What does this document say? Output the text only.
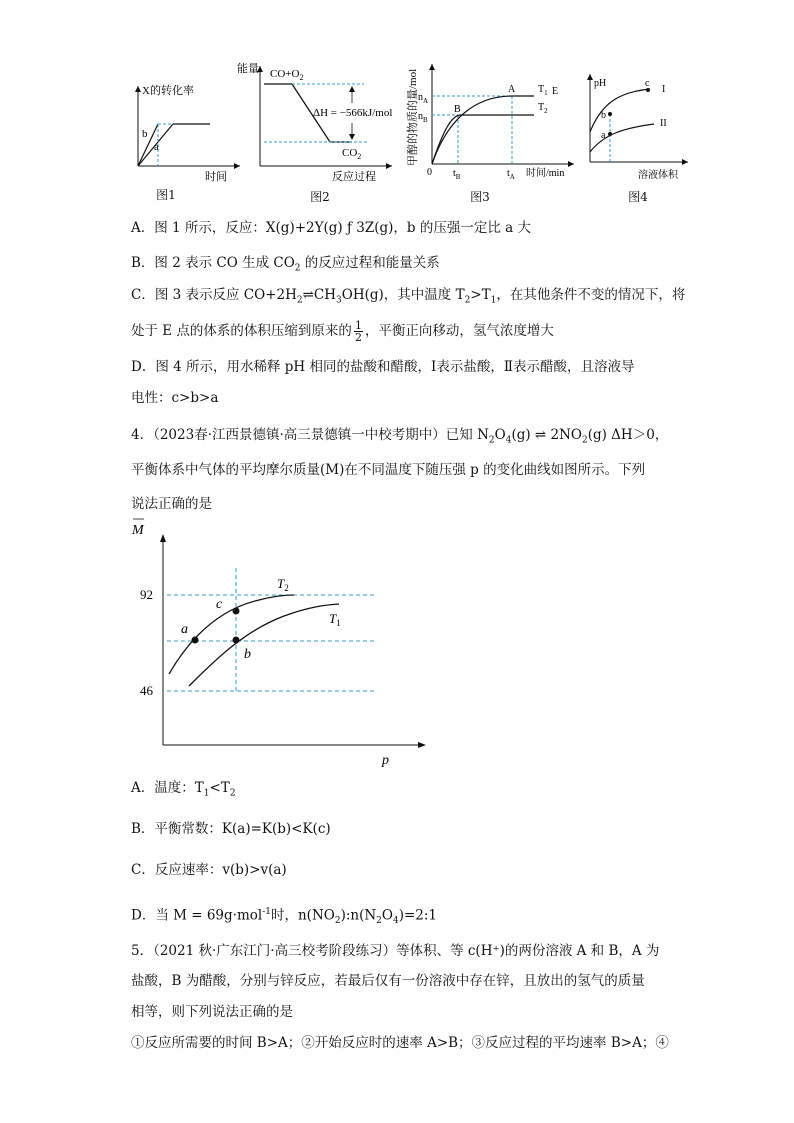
X的转化率
时间
b
a
图1
能量 $CO+O_2$
ΔH = −566kJ/mol
$CO_2$
反应过程
图2
甲醇的物质的量/mol
0
$n_A$
$n_B$
A
B
$T_1$ E
$T_2$
$t_B$	$t_A$ 时间/min
图3
pH
溶液体积
c
b
a
I
II
图4
A．图 1 所示，反应：X(g)+2Y(g) ƒ 3Z(g)，b 的压强一定比 a 大
B．图 2 表示 CO 生成 $CO_2$ 的反应过程和能量关系
C．图 3 表示反应 $CO+2H_2\rightleftharpoons CH_3OH(g)$，其中温度 $T_2>T_1$，在其他条件不变的情况下，将
处于 E 点的体系的体积压缩到原来的 $\frac{1}{2}$ ，平衡正向移动，氢气浓度增大
D．图 4 所示，用水稀释 pH 相同的盐酸和醋酸，Ⅰ表示盐酸，Ⅱ表示醋酸，且溶液导
电性：c>b>a
4．（2023春·江西景德镇·高三景德镇一中校考期中）已知 $N_2O_4(g)$ ⇌ $2NO_2(g)$ ΔH＞0，
平衡体系中气体的平均摩尔质量(M)在不同温度下随压强 p 的变化曲线如图所示。下列
说法正确的是
M
p
92
46
a
c
b
$T_2$
$T_1$
A．温度：$T_1<T_2$
B．平衡常数：K(a)=K(b)<K(c)
C．反应速率：v(b)>v(a)
D．当 M = 69g·mol$^{-1}$时，$n(NO_2):n(N_2O_4)=2:1$
5．（2021 秋·广东江门·高三校考阶段练习）等体积、等 c(H⁺)的两份溶液 A 和 B，A 为
盐酸，B 为醋酸，分别与锌反应，若最后仅有一份溶液中存在锌，且放出的氢气的质量
相等，则下列说法正确的是
①反应所需要的时间 B>A；②开始反应时的速率 A>B；③反应过程的平均速率 B>A；④
